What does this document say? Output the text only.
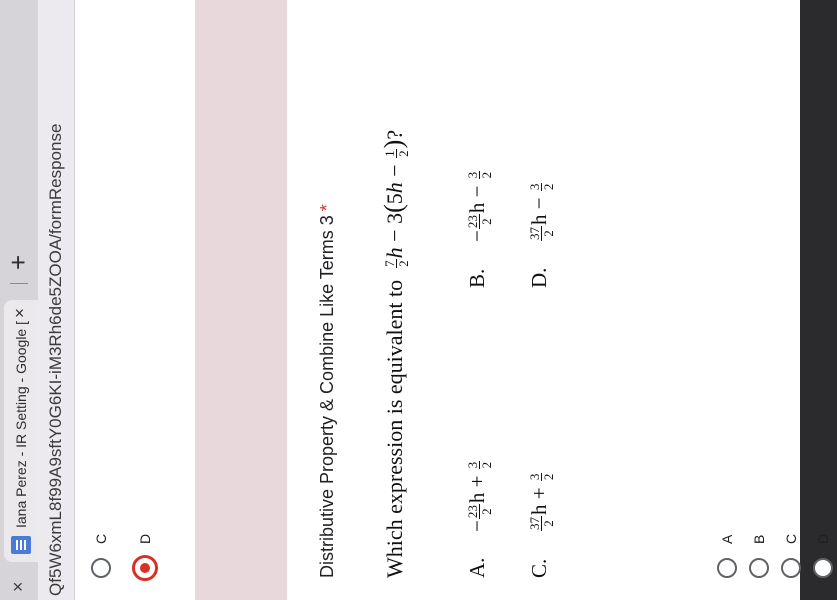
×
Iana Perez - IR Setting - Google [
×
+ Qf5W6xmL8f99A9sftY0G6KI-iM3Rh6de5ZOOA/formResponse C D	Distributive Property & Combine Like Terms 3*
Which expression is equivalent to
7 2
h − 3(5h −
1 2
)?
A.−
23 2
h +
3 2
B.−
23 2
h −
3 2
C.
37 2
h +
3 2
D.
37 2
h −
3 2
A B C D
